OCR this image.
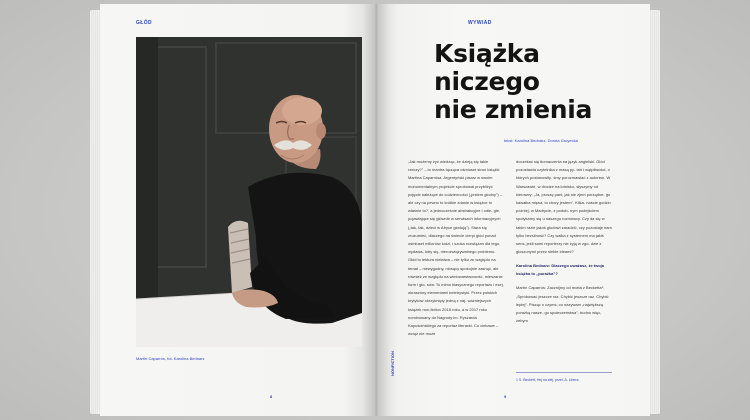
GŁÓD
Martín Caparrós, fot. Karolina Bednarz
8
WYWIAD
Książka
niczego
nie zmienia
tekst: Karolina Bednarz, Dorota Gruyecka

„Jak możemy żyć wiedząc, że dzieją się takie rzeczy?” – to mantra łącząca ośmiuset stron książki Martína Caparrósa. Argentyński pisarz w swoim monumentalnym projekcie sprobował przybliżyć pojęcie należące do codzienności („jestem głodny”) – ale czy na pewno to krótkie zdanie w książce to właśnie to?, a jednocześnie abstrakcyjne i odle- głe, pojawiające się głównie w serwisach informacyjnych („tak, tak, dzieci w Afryce głodują”). Stara się zrozumieć, dlaczego na świecie cierpi głód ponad ośmiuset milionów ludzi, i szuka rozwiązań dla tego, wydawa- łoby się, nierozwiązywalnego problemu. Głód to lektura niełatwa – nie tylko ze względu na temat – niewygodny, niosący spokojnie zasnąć, ale również ze względu na wielowarstwowość, mieszanie form i gło- sów. To mimo klasycznego reportażu i esej, okraszony elementami beletrystyki. Przez polskich krytyków okrzyknięty jedną z naj- ważniejszych książek non-fiction 2016 roku, a w 2017 roku nominowany do Nagrody im. Ryszarda Kapuścińskiego za reportaż literacki. Co ciekawe – wciąż nie może

doczekać się tłumaczenia na język angielski. Głód pozostawia czytelnika z masą py- tań i wątpliwości, o których postanowiły- śmy porozmawiać z autorem. W Warszawie, w drodze na lotnisko, słyszymy od kierowcy: „Ja, proszę pani, jak nie zjem porządne- go kawałka mięsa, to chory jestem”. Kilka- naście godzin później, w Madrycie, z podob- nym podejściem spotykamy się u naszego rozmówcy. Czy da się w takim razie jakoś głodowi zaradzić, czy pozostaje nam tylko bezsilność? Czy walka z systemem ma jakiś sens, jeśli sami reporterzy nie żyją w zgo- dzie z głoszonymi przez siebie ideami?

Karolina Bednarz: Dlaczego uważasz, że twoja książka to „porażka”?

Martín Caparrós: Zacznijmy od motta z Becketta¹: „Spróbować jeszcze raz. Chybić jeszcze raz. Chybić lepiej”. Pisząc o czymś, co nazywam „największą porażką nasze- go społeczeństwa”, trudno więc, żebym

1 S. Beckett, Hej na złej, przeł. A. Libera.
NONFICTION
9
